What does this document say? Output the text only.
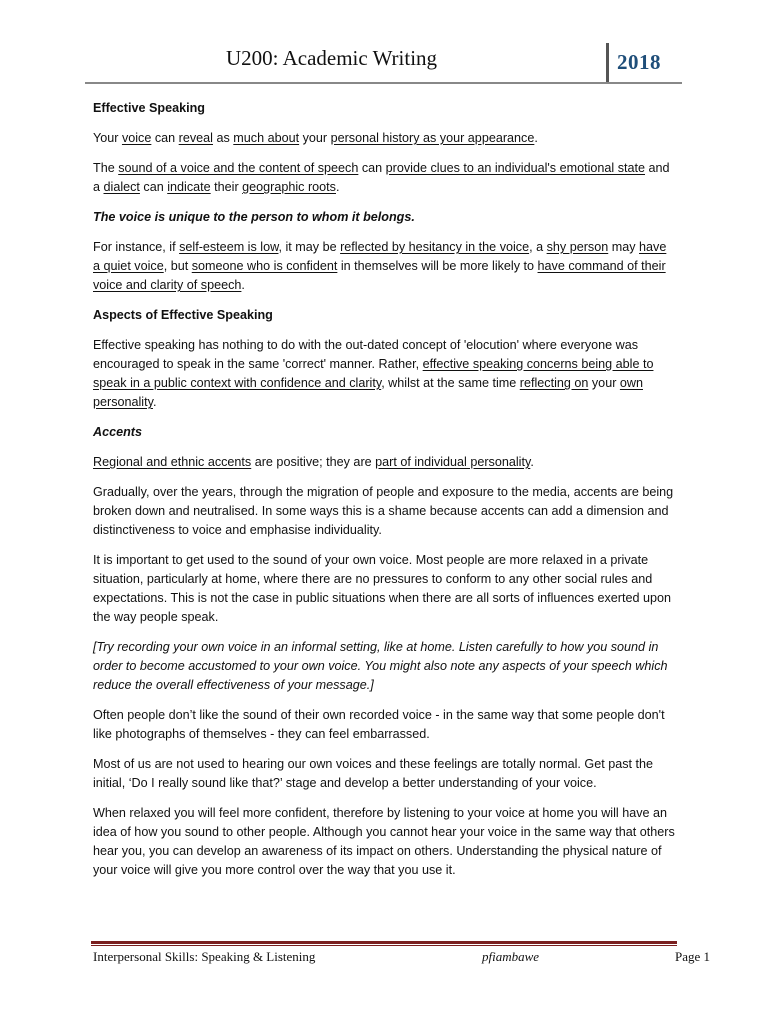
U200: Academic Writing	2018

Effective Speaking

Your voice can reveal as much about your personal history as your appearance.

The sound of a voice and the content of speech can provide clues to an individual's emotional state and a dialect can indicate their geographic roots.

The voice is unique to the person to whom it belongs.

For instance, if self-esteem is low, it may be reflected by hesitancy in the voice, a shy person may have a quiet voice, but someone who is confident in themselves will be more likely to have command of their voice and clarity of speech.

Aspects of Effective Speaking

Effective speaking has nothing to do with the out-dated concept of 'elocution' where everyone was encouraged to speak in the same 'correct' manner. Rather, effective speaking concerns being able to speak in a public context with confidence and clarity, whilst at the same time reflecting on your own personality.

Accents

Regional and ethnic accents are positive; they are part of individual personality.

Gradually, over the years, through the migration of people and exposure to the media, accents are being broken down and neutralised. In some ways this is a shame because accents can add a dimension and distinctiveness to voice and emphasise individuality.

It is important to get used to the sound of your own voice. Most people are more relaxed in a private situation, particularly at home, where there are no pressures to conform to any other social rules and expectations. This is not the case in public situations when there are all sorts of influences exerted upon the way people speak.

[Try recording your own voice in an informal setting, like at home. Listen carefully to how you sound in order to become accustomed to your own voice. You might also note any aspects of your speech which reduce the overall effectiveness of your message.]

Often people don’t like the sound of their own recorded voice - in the same way that some people don't like photographs of themselves - they can feel embarrassed.

Most of us are not used to hearing our own voices and these feelings are totally normal. Get past the initial, ‘Do I really sound like that?’ stage and develop a better understanding of your voice.

When relaxed you will feel more confident, therefore by listening to your voice at home you will have an idea of how you sound to other people. Although you cannot hear your voice in the same way that others hear you, you can develop an awareness of its impact on others. Understanding the physical nature of your voice will give you more control over the way that you use it.

Interpersonal Skills: Speaking & Listening	pfiambawe	Page 1
